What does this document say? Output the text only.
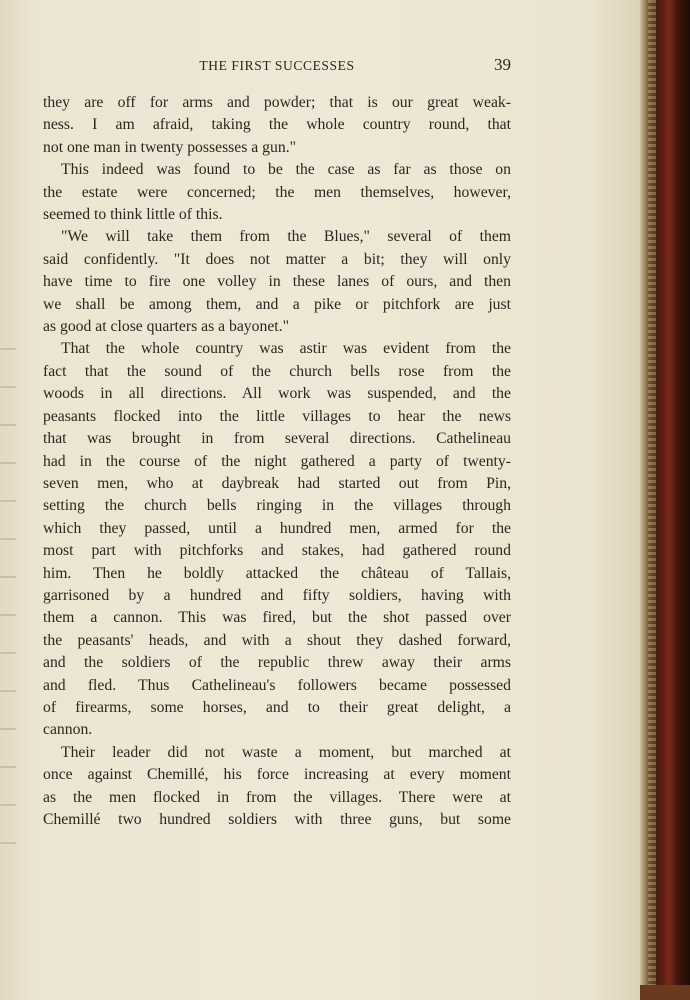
THE FIRST SUCCESSES	39
they are off for arms and powder; that is our great weak-
ness. I am afraid, taking the whole country round, that
not one man in twenty possesses a gun."
This indeed was found to be the case as far as those on
the estate were concerned; the men themselves, however,
seemed to think little of this.
"We will take them from the Blues," several of them
said confidently. "It does not matter a bit; they will only
have time to fire one volley in these lanes of ours, and then
we shall be among them, and a pike or pitchfork are just
as good at close quarters as a bayonet."
That the whole country was astir was evident from the
fact that the sound of the church bells rose from the
woods in all directions. All work was suspended, and the
peasants flocked into the little villages to hear the news
that was brought in from several directions. Cathelineau
had in the course of the night gathered a party of twenty-
seven men, who at daybreak had started out from Pin,
setting the church bells ringing in the villages through
which they passed, until a hundred men, armed for the
most part with pitchforks and stakes, had gathered round
him. Then he boldly attacked the château of Tallais,
garrisoned by a hundred and fifty soldiers, having with
them a cannon. This was fired, but the shot passed over
the peasants' heads, and with a shout they dashed forward,
and the soldiers of the republic threw away their arms
and fled. Thus Cathelineau's followers became possessed
of firearms, some horses, and to their great delight, a
cannon.
Their leader did not waste a moment, but marched at
once against Chemillé, his force increasing at every moment
as the men flocked in from the villages. There were at
Chemillé two hundred soldiers with three guns, but some
